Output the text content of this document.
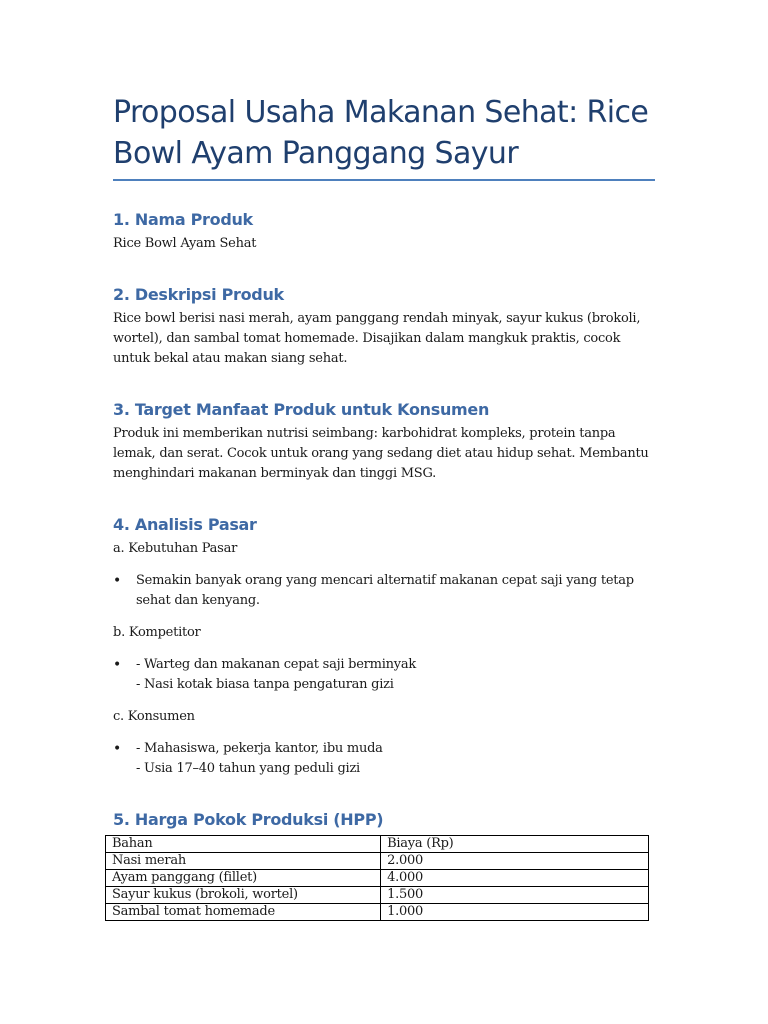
Proposal Usaha Makanan Sehat: Rice Bowl Ayam Panggang Sayur
1. Nama Produk

Rice Bowl Ayam Sehat

2. Deskripsi Produk

Rice bowl berisi nasi merah, ayam panggang rendah minyak, sayur kukus (brokoli, wortel), dan sambal tomat homemade. Disajikan dalam mangkuk praktis, cocok untuk bekal atau makan siang sehat.

3. Target Manfaat Produk untuk Konsumen

Produk ini memberikan nutrisi seimbang: karbohidrat kompleks, protein tanpa lemak, dan serat. Cocok untuk orang yang sedang diet atau hidup sehat. Membantu menghindari makanan berminyak dan tinggi MSG.

4. Analisis Pasar

a. Kebutuhan Pasar

• Semakin banyak orang yang mencari alternatif makanan cepat saji yang tetap sehat dan kenyang.

b. Kompetitor

• - Warteg dan makanan cepat saji berminyak
- Nasi kotak biasa tanpa pengaturan gizi

c. Konsumen

• - Mahasiswa, pekerja kantor, ibu muda
- Usia 17–40 tahun yang peduli gizi
5. Harga Pokok Produksi (HPP)
Bahan	Biaya (Rp)
Nasi merah	2.000
Ayam panggang (fillet)	4.000
Sayur kukus (brokoli, wortel)	1.500
Sambal tomat homemade	1.000
